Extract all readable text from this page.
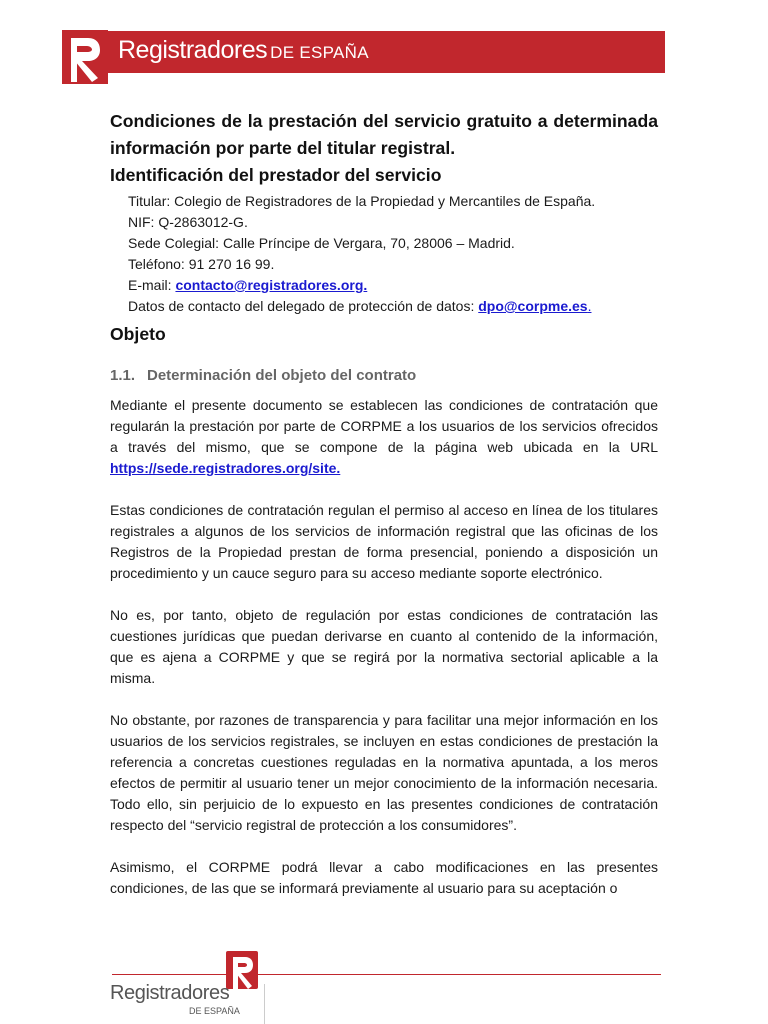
Registradores DE ESPAÑA

Condiciones de la prestación del servicio gratuito a determinada información por parte del titular registral.

Identificación del prestador del servicio

Titular: Colegio de Registradores de la Propiedad y Mercantiles de España.
NIF: Q-2863012-G.
Sede Colegial: Calle Príncipe de Vergara, 70, 28006 – Madrid.
Teléfono: 91 270 16 99.
E-mail: contacto@registradores.org.
Datos de contacto del delegado de protección de datos: dpo@corpme.es.

Objeto

1.1. Determinación del objeto del contrato

Mediante el presente documento se establecen las condiciones de contratación que regularán la prestación por parte de CORPME a los usuarios de los servicios ofrecidos a través del mismo, que se compone de la página web ubicada en la URL https://sede.registradores.org/site.

Estas condiciones de contratación regulan el permiso al acceso en línea de los titulares registrales a algunos de los servicios de información registral que las oficinas de los Registros de la Propiedad prestan de forma presencial, poniendo a disposición un procedimiento y un cauce seguro para su acceso mediante soporte electrónico.

No es, por tanto, objeto de regulación por estas condiciones de contratación las cuestiones jurídicas que puedan derivarse en cuanto al contenido de la información, que es ajena a CORPME y que se regirá por la normativa sectorial aplicable a la misma.

No obstante, por razones de transparencia y para facilitar una mejor información en los usuarios de los servicios registrales, se incluyen en estas condiciones de prestación la referencia a concretas cuestiones reguladas en la normativa apuntada, a los meros efectos de permitir al usuario tener un mejor conocimiento de la información necesaria. Todo ello, sin perjuicio de lo expuesto en las presentes condiciones de contratación respecto del “servicio registral de protección a los consumidores”.

Asimismo, el CORPME podrá llevar a cabo modificaciones en las presentes condiciones, de las que se informará previamente al usuario para su aceptación o

Registradores
DE ESPAÑA
